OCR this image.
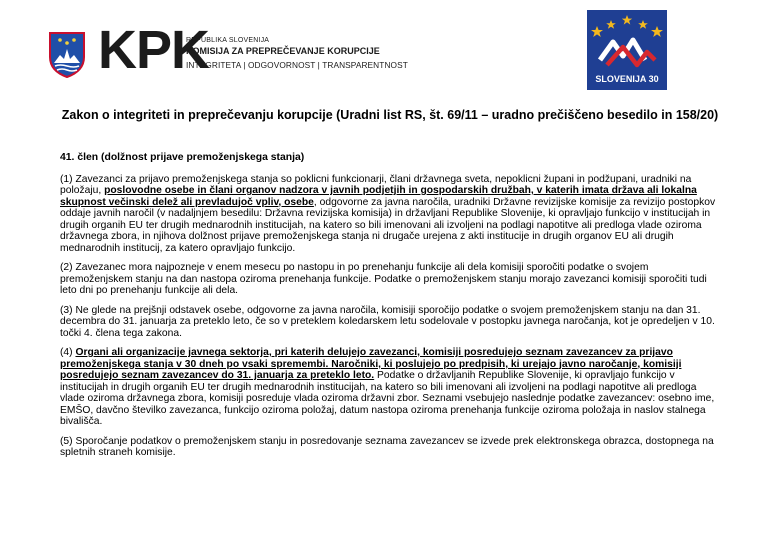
KPK
REPUBLIKA SLOVENIJA
KOMISIJA ZA PREPREČEVANJE KORUPCIJE
INTEGRITETA | ODGOVORNOST | TRANSPARENTNOST
SLOVENIJA 30
Zakon o integriteti in preprečevanju korupcije (Uradni list RS, št. 69/11 – uradno prečiščeno besedilo in 158/20)
41. člen (dolžnost prijave premoženjskega stanja)

(1) Zavezanci za prijavo premoženjskega stanja so poklicni funkcionarji, člani državnega sveta, nepoklicni župani in podžupani, uradniki na položaju, poslovodne osebe in člani organov nadzora v javnih podjetjih in gospodarskih družbah, v katerih imata država ali lokalna skupnost večinski delež ali prevladujoč vpliv, osebe, odgovorne za javna naročila, uradniki Državne revizijske komisije za revizijo postopkov oddaje javnih naročil (v nadaljnjem besedilu: Državna revizijska komisija) in državljani Republike Slovenije, ki opravljajo funkcijo v institucijah in drugih organih EU ter drugih mednarodnih institucijah, na katero so bili imenovani ali izvoljeni na podlagi napotitve ali predloga vlade oziroma državnega zbora, in njihova dolžnost prijave premoženjskega stanja ni drugače urejena z akti institucije in drugih organov EU ali drugih mednarodnih institucij, za katero opravljajo funkcijo.

(2) Zavezanec mora najpozneje v enem mesecu po nastopu in po prenehanju funkcije ali dela komisiji sporočiti podatke o svojem premoženjskem stanju na dan nastopa oziroma prenehanja funkcije. Podatke o premoženjskem stanju morajo zavezanci komisiji sporočiti tudi leto dni po prenehanju funkcije ali dela.

(3) Ne glede na prejšnji odstavek osebe, odgovorne za javna naročila, komisiji sporočijo podatke o svojem premoženjskem stanju na dan 31. decembra do 31. januarja za preteklo leto, če so v preteklem koledarskem letu sodelovale v postopku javnega naročanja, kot je opredeljen v 10. točki 4. člena tega zakona.

(4) Organi ali organizacije javnega sektorja, pri katerih delujejo zavezanci, komisiji posredujejo seznam zavezancev za prijavo premoženjskega stanja v 30 dneh po vsaki spremembi. Naročniki, ki poslujejo po predpisih, ki urejajo javno naročanje, komisiji posredujejo seznam zavezancev do 31. januarja za preteklo leto. Podatke o državljanih Republike Slovenije, ki opravljajo funkcijo v institucijah in drugih organih EU ter drugih mednarodnih institucijah, na katero so bili imenovani ali izvoljeni na podlagi napotitve ali predloga vlade oziroma državnega zbora, komisiji posreduje vlada oziroma državni zbor. Seznami vsebujejo naslednje podatke zavezancev: osebno ime, EMŠO, davčno številko zavezanca, funkcijo oziroma položaj, datum nastopa oziroma prenehanja funkcije oziroma položaja in naslov stalnega bivališča.

(5) Sporočanje podatkov o premoženjskem stanju in posredovanje seznama zavezancev se izvede prek elektronskega obrazca, dostopnega na spletnih straneh komisije.
